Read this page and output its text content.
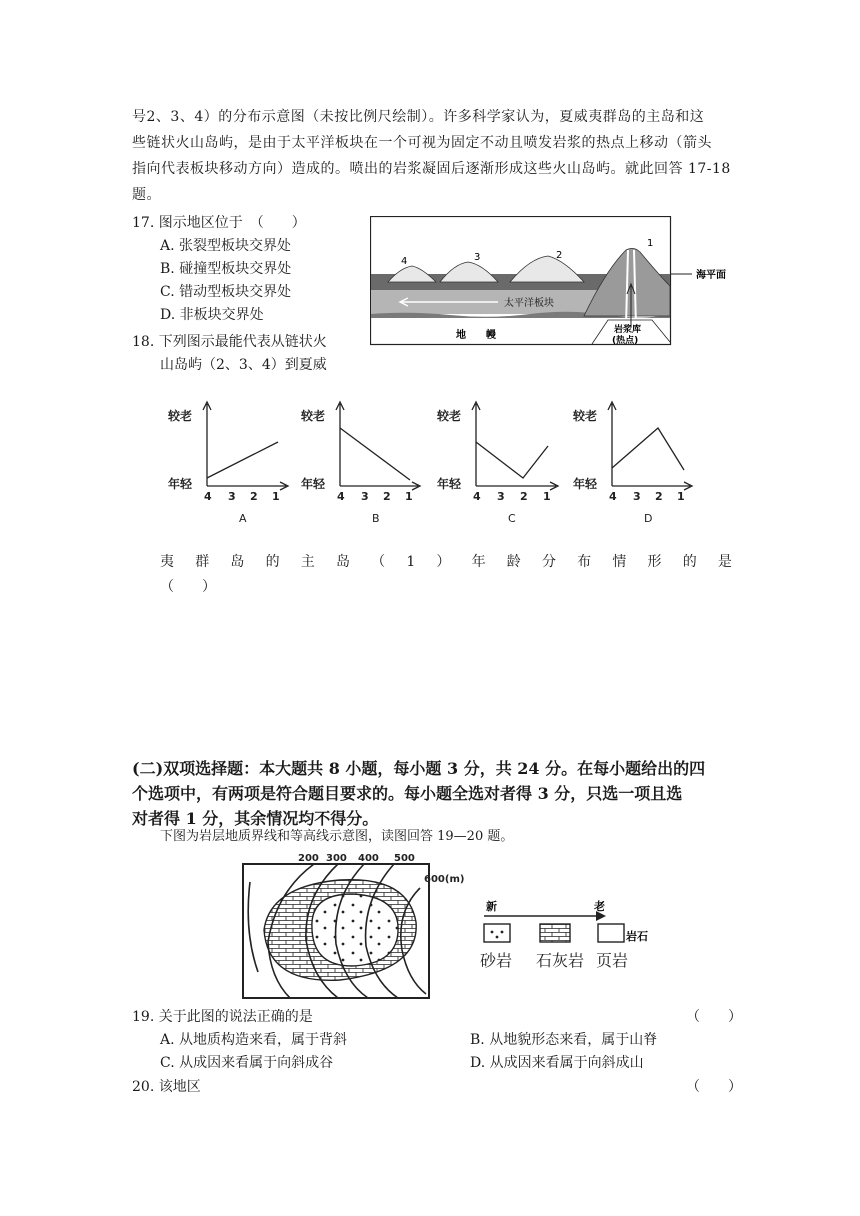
号2、3、4）的分布示意图（未按比例尺绘制）。许多科学家认为，夏威夷群岛的主岛和这
些链状火山岛屿，是由于太平洋板块在一个可视为固定不动且喷发岩浆的热点上移动（箭头
指向代表板块移动方向）造成的。喷出的岩浆凝固后逐渐形成这些火山岛屿。就此回答 17-18
题。
17. 图示地区位于　（　　）
A. 张裂型板块交界处
B. 碰撞型板块交界处
C. 错动型板块交界处
D. 非板块交界处
18. 下列图示最能代表从链状火
山岛屿（2、3、4）到夏威
4	3	2
1
海平面
太平洋板块
地　　幔	岩浆库
(热点)
较老
年轻
较老
年轻
较老
年轻
较老
年轻
4 3 2 1	4 3 2 1	4 3 2 1	4 3 2 1
A	B	C	D
夷 群 岛 的 主 岛 （ 1 ） 年 龄 分 布 情 形 的 是
（　　）
(二)双项选择题：本大题共 8 小题，每小题 3 分，共 24 分。在每小题给出的四
个选项中，有两项是符合题目要求的。每小题全选对者得 3 分，只选一项且选
对者得 1 分，其余情况均不得分。
下图为岩层地质界线和等高线示意图，读图回答 19—20 题。
200 300 400 500
600(m)
新	老
岩石
砂岩 石灰岩 页岩
19. 关于此图的说法正确的是	（　　）
A. 从地质构造来看，属于背斜	B. 从地貌形态来看，属于山脊
C. 从成因来看属于向斜成谷	D. 从成因来看属于向斜成山
20. 该地区	（　　）
